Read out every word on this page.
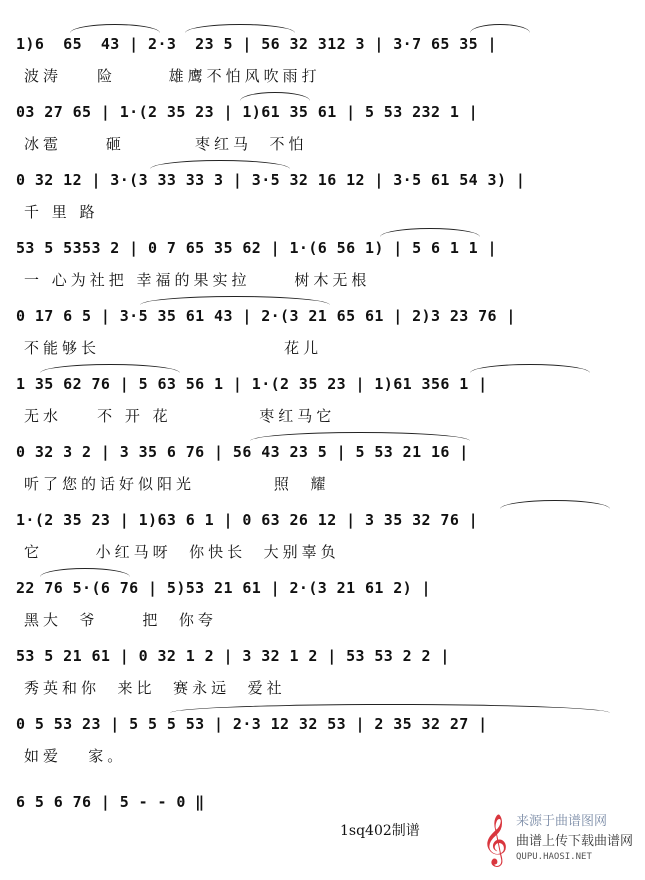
1)6  65  43 | 2·3  23 5 | 56 32 312 3 | 3·7 65 35 |
波涛    险      雄鹰不怕风吹雨打
03 27 65 | 1·(2 35 23 | 1)61 35 61 | 5 53 232 1 |
冰雹     砸        枣红马  不怕
0 32 12 | 3·(3 33 33 3 | 3·5 32 16 12 | 3·5 61 54 3) |
千 里 路
53 5 5353 2 | 0 7 65 35 62 | 1·(6 56 1) | 5 6 1 1 |
一 心为社把 幸福的果实拉     树木无根
0 17 6 5 | 3·5 35 61 43 | 2·(3 21 65 61 | 2)3 23 76 |
不能够长                     花儿
1 35 62 76 | 5 63 56 1 | 1·(2 35 23 | 1)61 356 1 |
无水    不 开 花          枣红马它
0 32 3 2 | 3 35 6 76 | 56 43 23 5 | 5 53 21 16 |
听了您的话好似阳光         照  耀
1·(2 35 23 | 1)63 6 1 | 0 63 26 12 | 3 35 32 76 |
它      小红马呀  你快长  大别辜负
22 76 5·(6 76 | 5)53 21 61 | 2·(3 21 61 2) |
黑大  爷     把  你夸
53 5 21 61 | 0 32 1 2 | 3 32 1 2 | 53 53 2 2 |
秀英和你  来比  赛永远  爱社
0 5 53 23 | 5 5 5 53 | 2·3 12 32 53 | 2 35 32 27 |
如爱   家。
6 5 6 76 | 5 - - 0 ‖
1sq402制谱 𝄞 来源于曲谱图网
曲谱上传下载曲谱网
QUPU.HAOSI.NET
